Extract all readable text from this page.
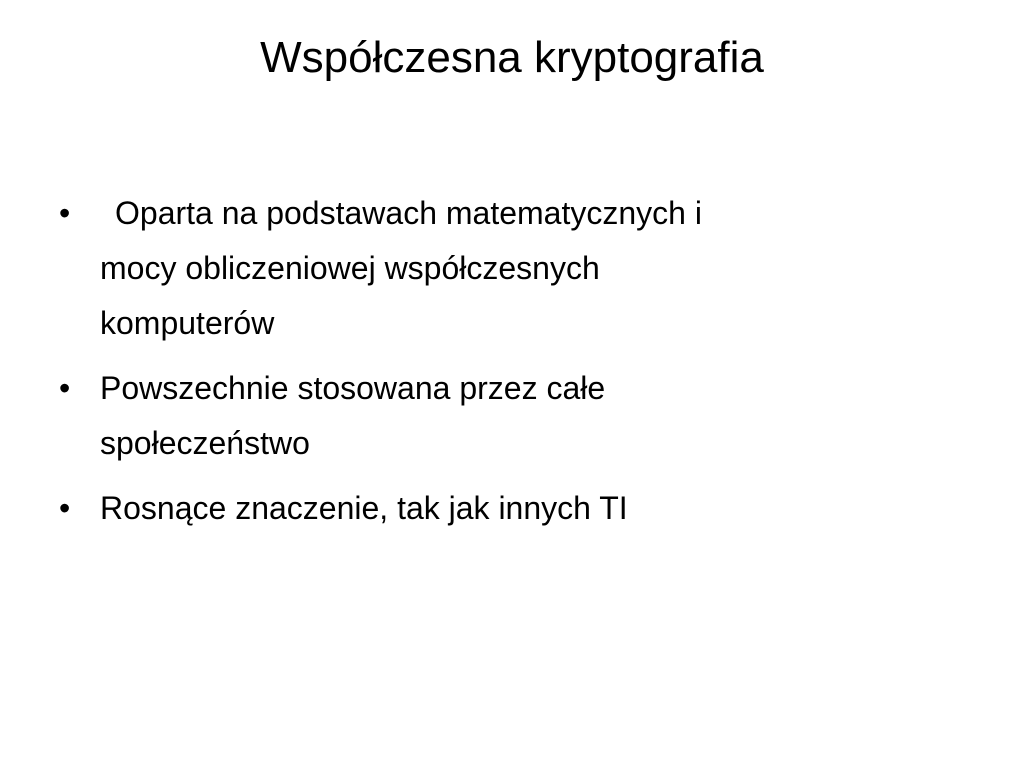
Współczesna kryptografia
•	Oparta na podstawach matematycznych i
mocy obliczeniowej współczesnych
komputerów
• Powszechnie stosowana przez całe
społeczeństwo
• Rosnące znaczenie, tak jak innych TI
